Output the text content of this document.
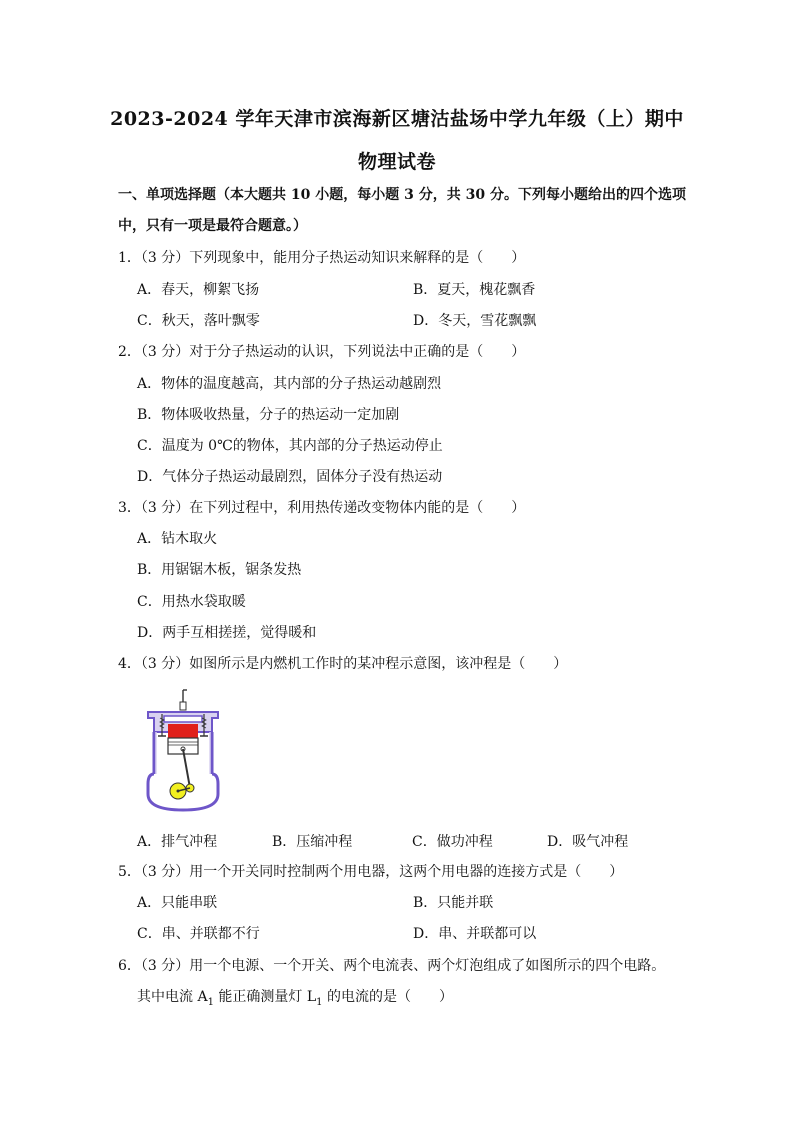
2023-2024 学年天津市滨海新区塘沽盐场中学九年级（上）期中
物理试卷
一、单项选择题（本大题共 10 小题，每小题 3 分，共 30 分。下列每小题给出的四个选项
中，只有一项是最符合题意。）
1．（3 分）下列现象中，能用分子热运动知识来解释的是（　　）
A．春天，柳絮飞扬	B．夏天，槐花飘香
C．秋天，落叶飘零	D．冬天，雪花飘飘
2．（3 分）对于分子热运动的认识，下列说法中正确的是（　　）
A．物体的温度越高，其内部的分子热运动越剧烈
B．物体吸收热量，分子的热运动一定加剧
C．温度为 0℃的物体，其内部的分子热运动停止
D．气体分子热运动最剧烈，固体分子没有热运动
3．（3 分）在下列过程中，利用热传递改变物体内能的是（　　）
A．钻木取火
B．用锯锯木板，锯条发热
C．用热水袋取暖
D．两手互相搓搓，觉得暖和
4．（3 分）如图所示是内燃机工作时的某冲程示意图，该冲程是（　　）
A．排气冲程	B．压缩冲程	C．做功冲程	D．吸气冲程
5．（3 分）用一个开关同时控制两个用电器，这两个用电器的连接方式是（　　）
A．只能串联	B．只能并联
C．串、并联都不行	D．串、并联都可以
6．（3 分）用一个电源、一个开关、两个电流表、两个灯泡组成了如图所示的四个电路。
其中电流 $A_1$ 能正确测量灯 $L_1$ 的电流的是（　　）
